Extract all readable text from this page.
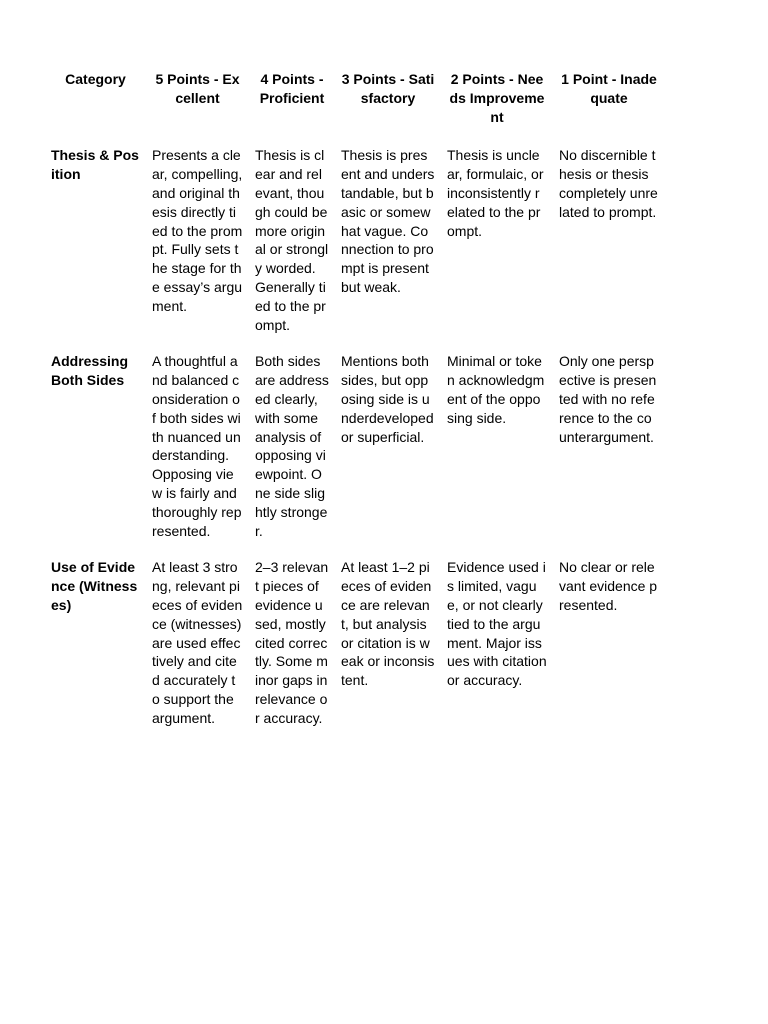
Category	5 Points - Excellent	4 Points - Proficient	3 Points - Satisfactory	2 Points - Needs Improvement	1 Point - Inadequate
Thesis & Position	Presents a clear, compelling, and original thesis directly tied to the prompt. Fully sets the stage for the essay’s argument.	Thesis is clear and relevant, though could be more original or strongly worded. Generally tied to the prompt.	Thesis is present and understandable, but basic or somewhat vague. Connection to prompt is present but weak.	Thesis is unclear, formulaic, or inconsistently related to the prompt.	No discernible thesis or thesis completely unrelated to prompt.
Addressing Both Sides	A thoughtful and balanced consideration of both sides with nuanced understanding. Opposing view is fairly and thoroughly represented.	Both sides are addressed clearly, with some analysis of opposing viewpoint. One side slightly stronger.	Mentions both sides, but opposing side is underdeveloped or superficial.	Minimal or token acknowledgment of the opposing side.	Only one perspective is presented with no reference to the counterargument.
Use of Evidence (Witnesses)	At least 3 strong, relevant pieces of evidence (witnesses) are used effectively and cited accurately to support the argument.	2–3 relevant pieces of evidence used, mostly cited correctly. Some minor gaps in relevance or accuracy.	At least 1–2 pieces of evidence are relevant, but analysis or citation is weak or inconsistent.	Evidence used is limited, vague, or not clearly tied to the argument. Major issues with citation or accuracy.	No clear or relevant evidence presented.
